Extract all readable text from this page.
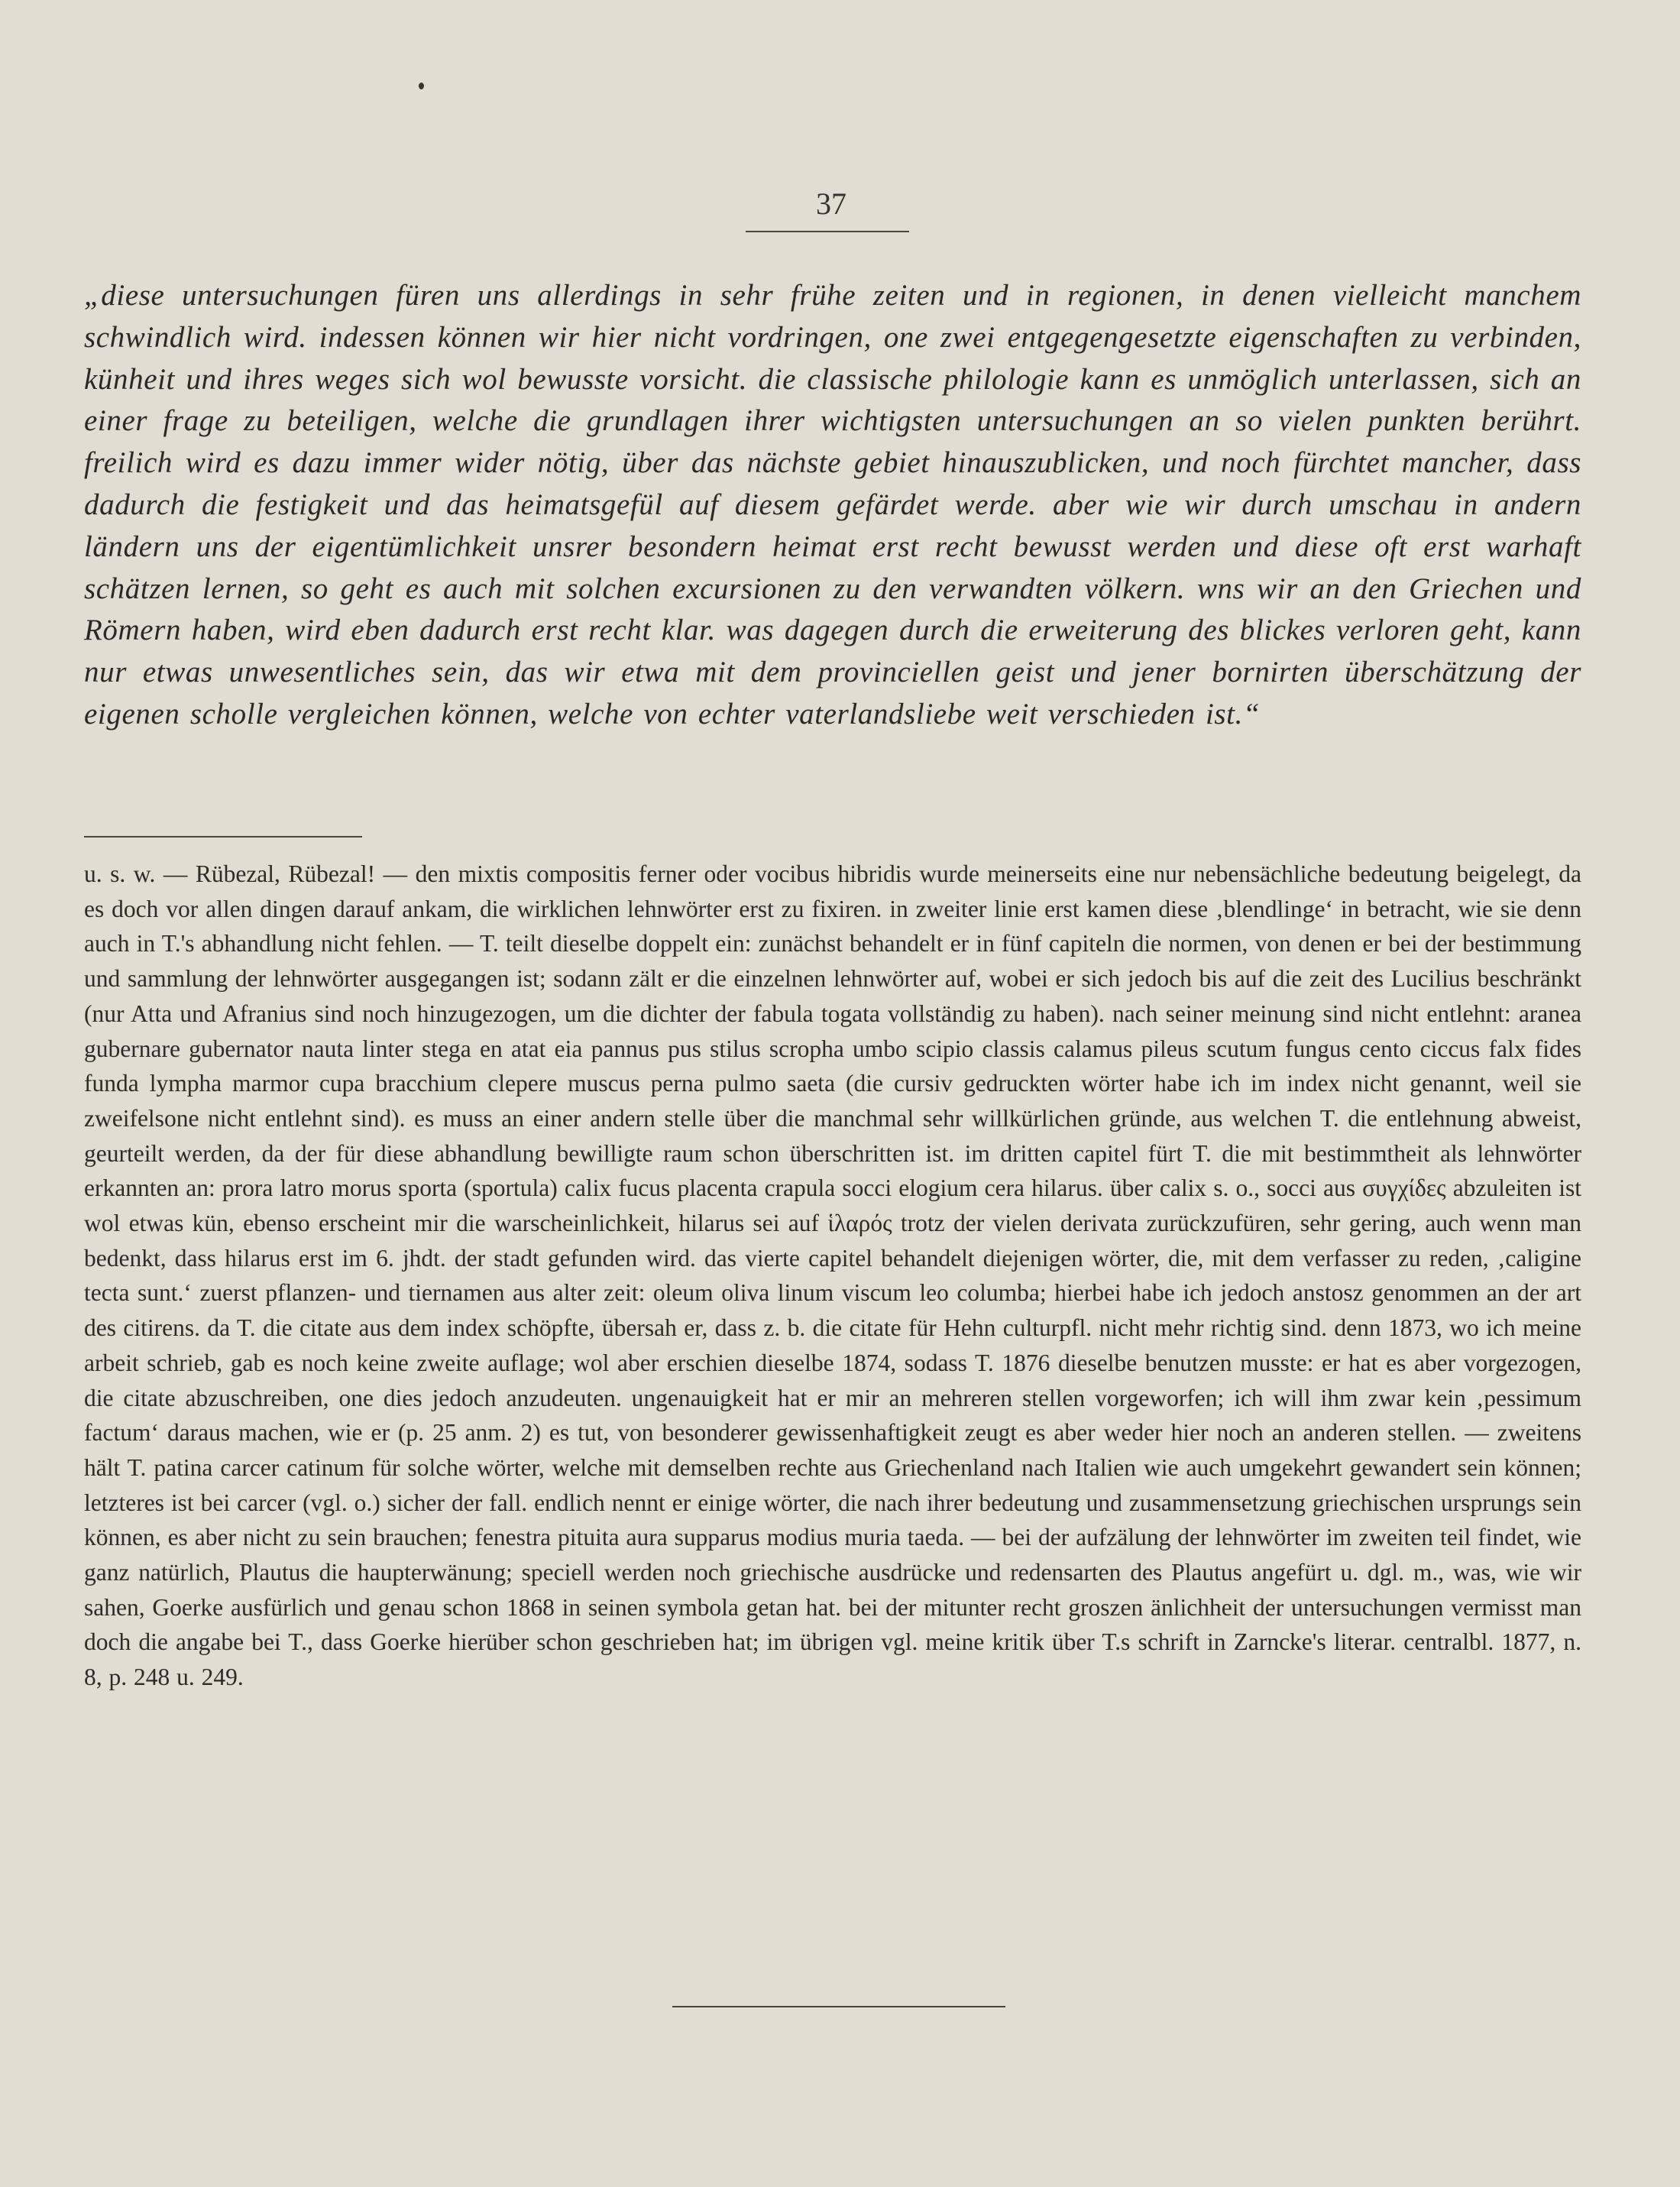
37

„diese untersuchungen füren uns allerdings in sehr frühe zeiten und in regionen, in denen vielleicht manchem schwindlich wird. indessen können wir hier nicht vordringen, one zwei entgegengesetzte eigenschaften zu verbinden, künheit und ihres weges sich wol bewusste vorsicht. die classische philologie kann es unmöglich unterlassen, sich an einer frage zu beteiligen, welche die grundlagen ihrer wichtigsten untersuchungen an so vielen punkten berührt. freilich wird es dazu immer wider nötig, über das nächste gebiet hinauszublicken, und noch fürchtet mancher, dass dadurch die festigkeit und das heimatsgefül auf diesem gefärdet werde. aber wie wir durch umschau in andern ländern uns der eigentümlichkeit unsrer besondern heimat erst recht bewusst werden und diese oft erst warhaft schätzen lernen, so geht es auch mit solchen excursionen zu den verwandten völkern. wns wir an den Griechen und Römern haben, wird eben dadurch erst recht klar. was dagegen durch die erweiterung des blickes verloren geht, kann nur etwas unwesentliches sein, das wir etwa mit dem provinciellen geist und jener bornirten überschätzung der eigenen scholle vergleichen können, welche von echter vaterlandsliebe weit verschieden ist.“

u. s. w. — Rübezal, Rübezal! — den mixtis compositis ferner oder vocibus hibridis wurde meinerseits eine nur nebensächliche bedeutung beigelegt, da es doch vor allen dingen darauf ankam, die wirklichen lehnwörter erst zu fixiren. in zweiter linie erst kamen diese ‚blendlinge‘ in betracht, wie sie denn auch in T.'s abhandlung nicht fehlen. — T. teilt dieselbe doppelt ein: zunächst behandelt er in fünf capiteln die normen, von denen er bei der bestimmung und sammlung der lehnwörter ausgegangen ist; sodann zält er die einzelnen lehnwörter auf, wobei er sich jedoch bis auf die zeit des Lucilius beschränkt (nur Atta und Afranius sind noch hinzugezogen, um die dichter der fabula togata vollständig zu haben). nach seiner meinung sind nicht entlehnt: aranea gubernare gubernator nauta linter stega en atat eia pannus pus stilus scropha umbo scipio classis calamus pileus scutum fungus cento ciccus falx fides funda lympha marmor cupa bracchium clepere muscus perna pulmo saeta (die cursiv gedruckten wörter habe ich im index nicht genannt, weil sie zweifelsone nicht entlehnt sind). es muss an einer andern stelle über die manchmal sehr willkürlichen gründe, aus welchen T. die entlehnung abweist, geurteilt werden, da der für diese abhandlung bewilligte raum schon überschritten ist. im dritten capitel fürt T. die mit bestimmtheit als lehnwörter erkannten an: prora latro morus sporta (sportula) calix fucus placenta crapula socci elogium cera hilarus. über calix s. o., socci aus συγχίδες abzuleiten ist wol etwas kün, ebenso erscheint mir die warscheinlichkeit, hilarus sei auf ἱλαρός trotz der vielen derivata zurückzufüren, sehr gering, auch wenn man bedenkt, dass hilarus erst im 6. jhdt. der stadt gefunden wird. das vierte capitel behandelt diejenigen wörter, die, mit dem verfasser zu reden, ‚caligine tecta sunt.‘ zuerst pflanzen- und tiernamen aus alter zeit: oleum oliva linum viscum leo columba; hierbei habe ich jedoch anstosz genommen an der art des citirens. da T. die citate aus dem index schöpfte, übersah er, dass z. b. die citate für Hehn culturpfl. nicht mehr richtig sind. denn 1873, wo ich meine arbeit schrieb, gab es noch keine zweite auflage; wol aber erschien dieselbe 1874, sodass T. 1876 dieselbe benutzen musste: er hat es aber vorgezogen, die citate abzuschreiben, one dies jedoch anzudeuten. ungenauigkeit hat er mir an mehreren stellen vorgeworfen; ich will ihm zwar kein ‚pessimum factum‘ daraus machen, wie er (p. 25 anm. 2) es tut, von besonderer gewissenhaftigkeit zeugt es aber weder hier noch an anderen stellen. — zweitens hält T. patina carcer catinum für solche wörter, welche mit demselben rechte aus Griechenland nach Italien wie auch umgekehrt gewandert sein können; letzteres ist bei carcer (vgl. o.) sicher der fall. endlich nennt er einige wörter, die nach ihrer bedeutung und zusammensetzung griechischen ursprungs sein können, es aber nicht zu sein brauchen; fenestra pituita aura supparus modius muria taeda. — bei der aufzälung der lehnwörter im zweiten teil findet, wie ganz natürlich, Plautus die haupterwänung; speciell werden noch griechische ausdrücke und redensarten des Plautus angefürt u. dgl. m., was, wie wir sahen, Goerke ausfürlich und genau schon 1868 in seinen symbola getan hat. bei der mitunter recht groszen änlichheit der untersuchungen vermisst man doch die angabe bei T., dass Goerke hierüber schon geschrieben hat; im übrigen vgl. meine kritik über T.s schrift in Zarncke's literar. centralbl. 1877, n. 8, p. 248 u. 249.
